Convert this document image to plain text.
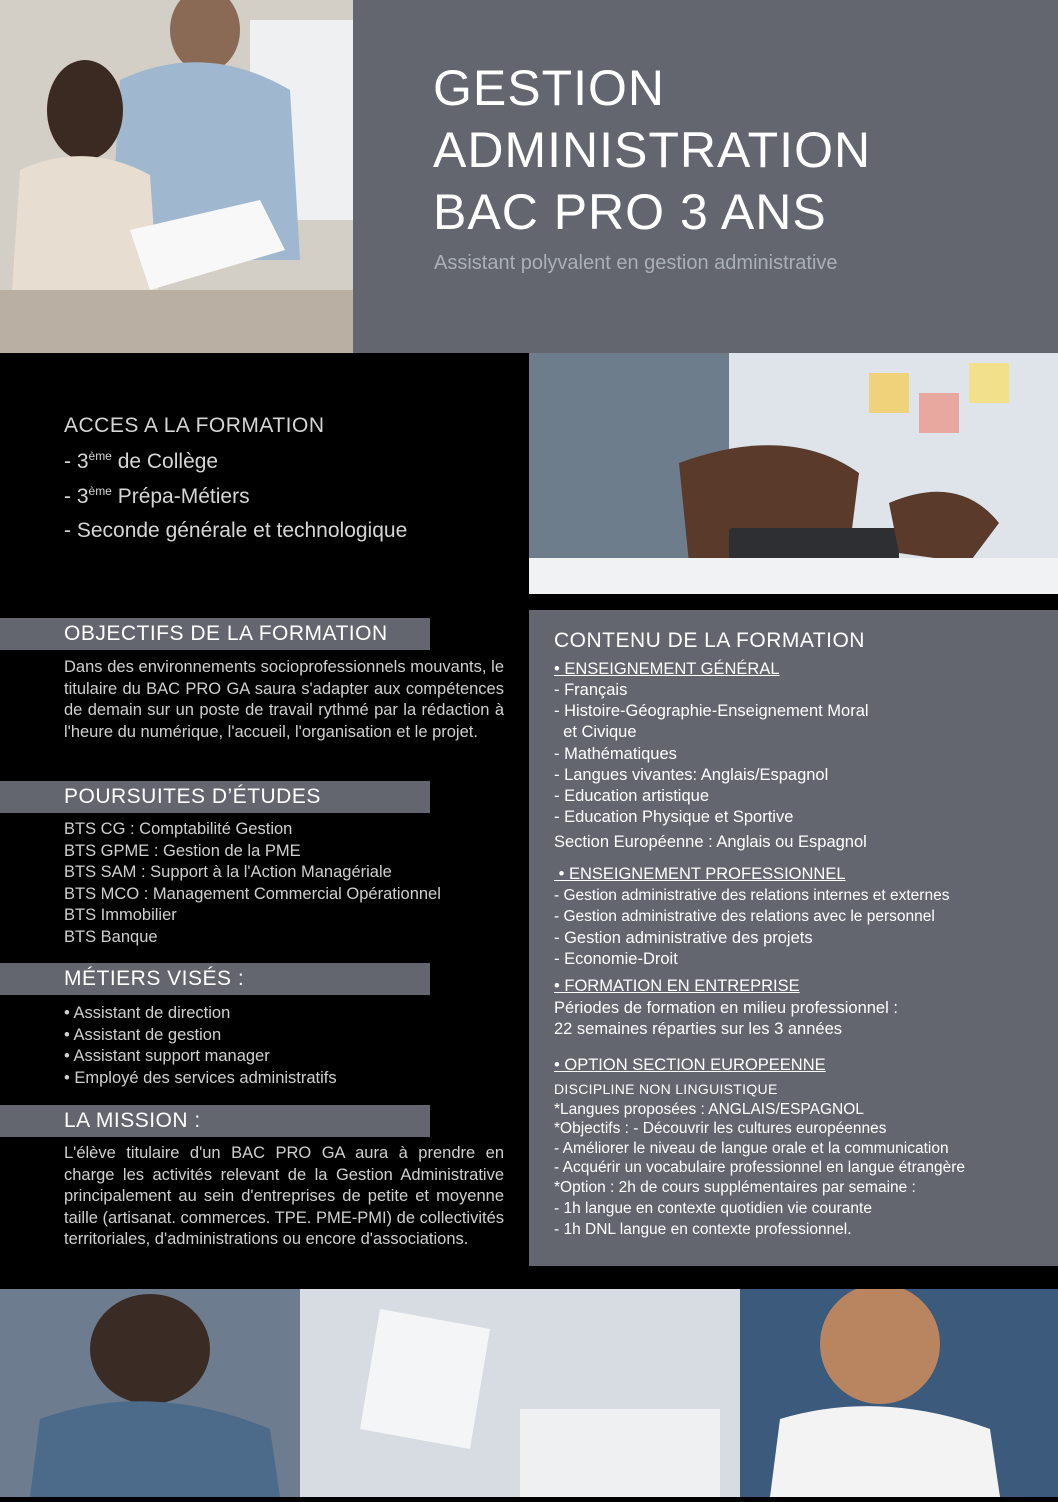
GESTION
ADMINISTRATION
BAC PRO 3 ANS
Assistant polyvalent en gestion administrative
ACCES A LA FORMATION
- 3ème de Collège
- 3ème Prépa-Métiers
- Seconde générale et technologique
OBJECTIFS DE LA FORMATION
Dans des environnements socioprofessionnels mouvants, le titulaire du BAC PRO GA saura s'adapter aux compétences de demain sur un poste de travail rythmé par la rédaction à l'heure du numérique, l'accueil, l'organisation et le projet.
POURSUITES D’ÉTUDES
BTS CG : Comptabilité Gestion
BTS GPME : Gestion de la PME
BTS SAM : Support à la l'Action Managériale
BTS MCO : Management Commercial Opérationnel
BTS Immobilier
BTS Banque
MÉTIERS VISÉS :
• Assistant de direction
• Assistant de gestion
• Assistant support manager
• Employé des services administratifs
LA MISSION :
L'élève titulaire d'un BAC PRO GA aura à prendre en charge les activités relevant de la Gestion Administrative principalement au sein d'entreprises de petite et moyenne taille (artisanat. commerces. TPE. PME-PMI) de collectivités territoriales, d'administrations ou encore d'associations.
CONTENU DE LA FORMATION
• ENSEIGNEMENT GÉNÉRAL
- Français
- Histoire-Géographie-Enseignement Moral
et Civique
- Mathématiques
- Langues vivantes: Anglais/Espagnol
- Education artistique
- Education Physique et Sportive
Section Européenne : Anglais ou Espagnol
• ENSEIGNEMENT PROFESSIONNEL
- Gestion administrative des relations internes et externes
- Gestion administrative des relations avec le personnel
- Gestion administrative des projets
- Economie-Droit
• FORMATION EN ENTREPRISE
Périodes de formation en milieu professionnel :
22 semaines réparties sur les 3 années
• OPTION SECTION EUROPEENNE
DISCIPLINE NON LINGUISTIQUE
*Langues proposées : ANGLAIS/ESPAGNOL
*Objectifs : - Découvrir les cultures européennes
- Améliorer le niveau de langue orale et la communication
- Acquérir un vocabulaire professionnel en langue étrangère
*Option : 2h de cours supplémentaires par semaine :
- 1h langue en contexte quotidien vie courante
- 1h DNL langue en contexte professionnel.
